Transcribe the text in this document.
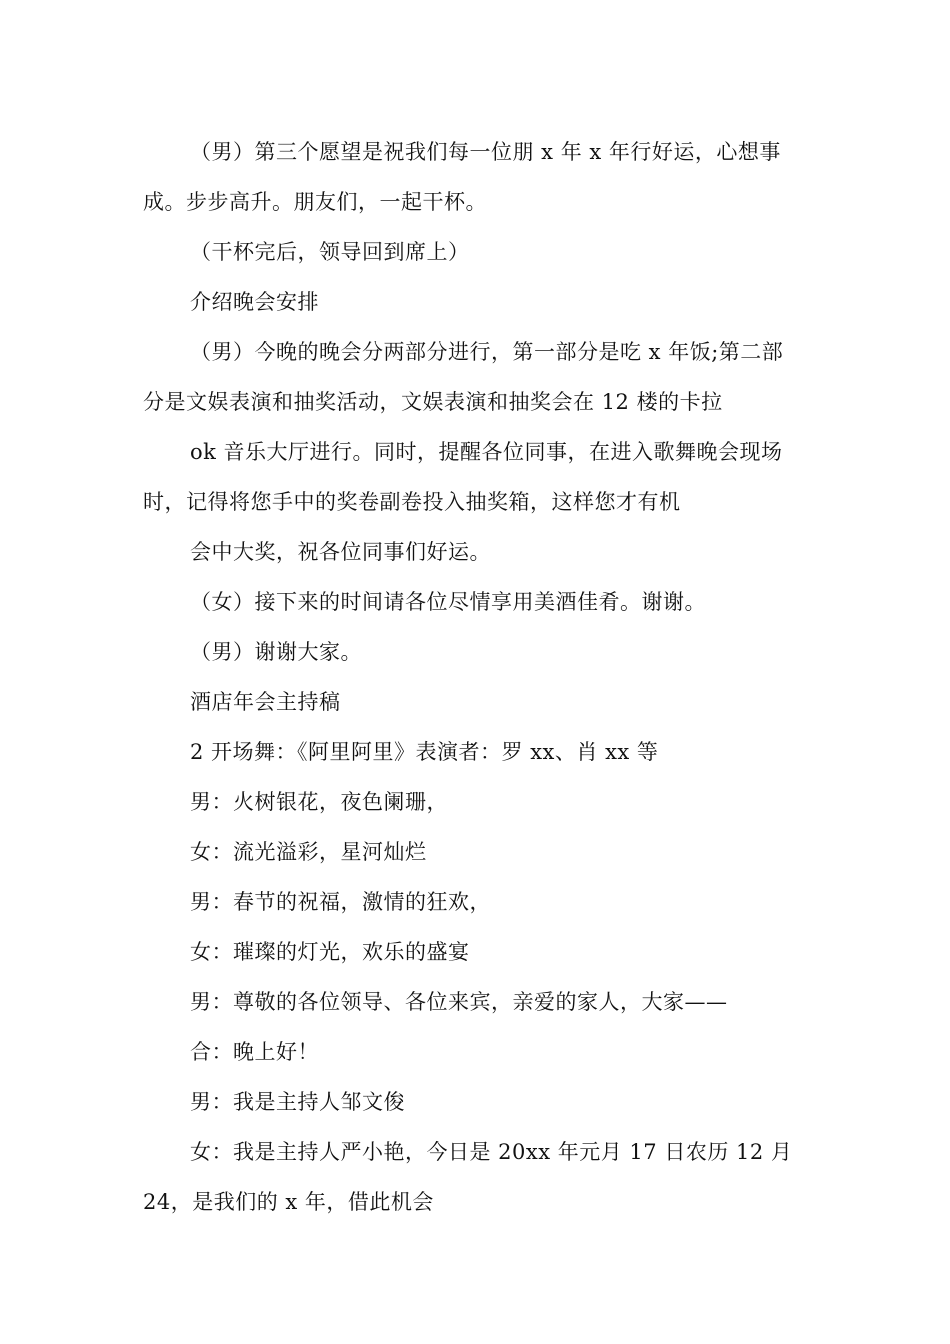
（男）第三个愿望是祝我们每一位朋 x 年 x 年行好运，心想事
成。步步高升。朋友们，一起干杯。
（干杯完后，领导回到席上）
介绍晚会安排
（男）今晚的晚会分两部分进行，第一部分是吃 x 年饭;第二部
分是文娱表演和抽奖活动，文娱表演和抽奖会在 12 楼的卡拉
ok 音乐大厅进行。同时，提醒各位同事，在进入歌舞晚会现场
时，记得将您手中的奖卷副卷投入抽奖箱，这样您才有机
会中大奖，祝各位同事们好运。
（女）接下来的时间请各位尽情享用美酒佳肴。谢谢。
（男）谢谢大家。
酒店年会主持稿
2 开场舞：《阿里阿里》表演者：罗 xx、肖 xx 等
男：火树银花，夜色阑珊，
女：流光溢彩，星河灿烂
男：春节的祝福，激情的狂欢，
女：璀璨的灯光，欢乐的盛宴
男：尊敬的各位领导、各位来宾，亲爱的家人，大家——
合：晚上好！
男：我是主持人邹文俊
女：我是主持人严小艳，今日是 20xx 年元月 17 日农历 12 月
24，是我们的 x 年，借此机会
